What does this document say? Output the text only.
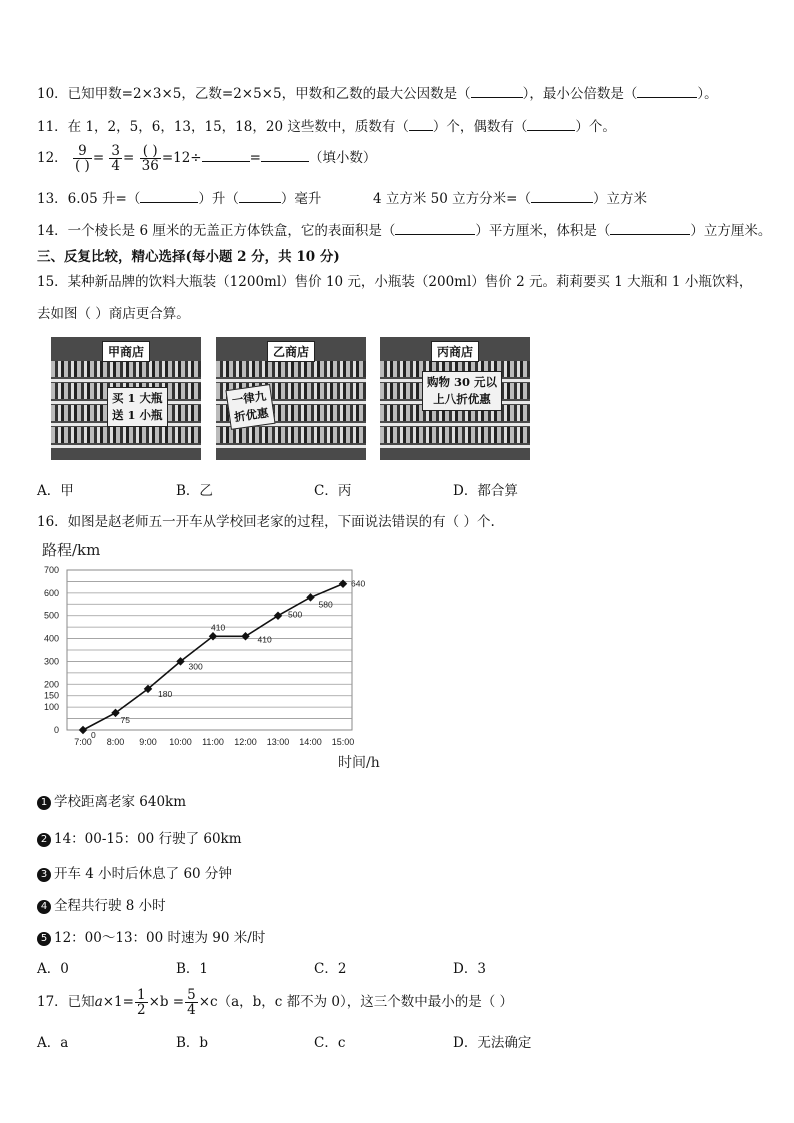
10．已知甲数=2×3×5，乙数=2×5×5，甲数和乙数的最大公因数是（	），最小公倍数是（	）。
11．在 1，2，5，6，13，15，18，20 这些数中，质数有（ ）个，偶数有（	）个。
12． $\frac{9}{( )} = \frac{3}{4} = \frac{( )}{36} =12\div$	=	（填小数）
13．6.05 升=（	）升（	）毫升	4 立方米 50 立方分米=（	）立方米
14．一个棱长是 6 厘米的无盖正方体铁盒，它的表面积是（	）平方厘米，体积是（	）立方厘米。
三、反复比较，精心选择(每小题 2 分，共 10 分)
15．某种新品牌的饮料大瓶装（1200ml）售价 10 元，小瓶装（200ml）售价 2 元。莉莉要买 1 大瓶和 1 小瓶饮料，
去如图（ ）商店更合算。
甲商店
买 1 大瓶
送 1 小瓶
乙商店
一律九
折优惠
丙商店
购物 30 元以
上八折优惠
A．甲	B．乙	C．丙	D．都合算
16．如图是赵老师五一开车从学校回老家的过程，下面说法错误的有（ ）个.
0
100
150
200
300
400
500
600
700
7:00 8:00 9:00 10:00 11:00 12:00 13:00 14:00 15:00
路程/km
时间/h
0
75
180
300
410
410
500
580
640
1 学校距离老家 640km
2 14：00-15：00 行驶了 60km
3 开车 4 小时后休息了 60 分钟
4 全程共行驶 8 小时
5 12：00～13：00 时速为 90 米/时
A．0	B．1	C．2	D．3
17．已知$a\times 1= \frac{1}{2} \times b = \frac{5}{4} \times c(a$，b，c 都不为 0），这三个数中最小的是（ ）
A．a	B．b	C．c	D．无法确定
